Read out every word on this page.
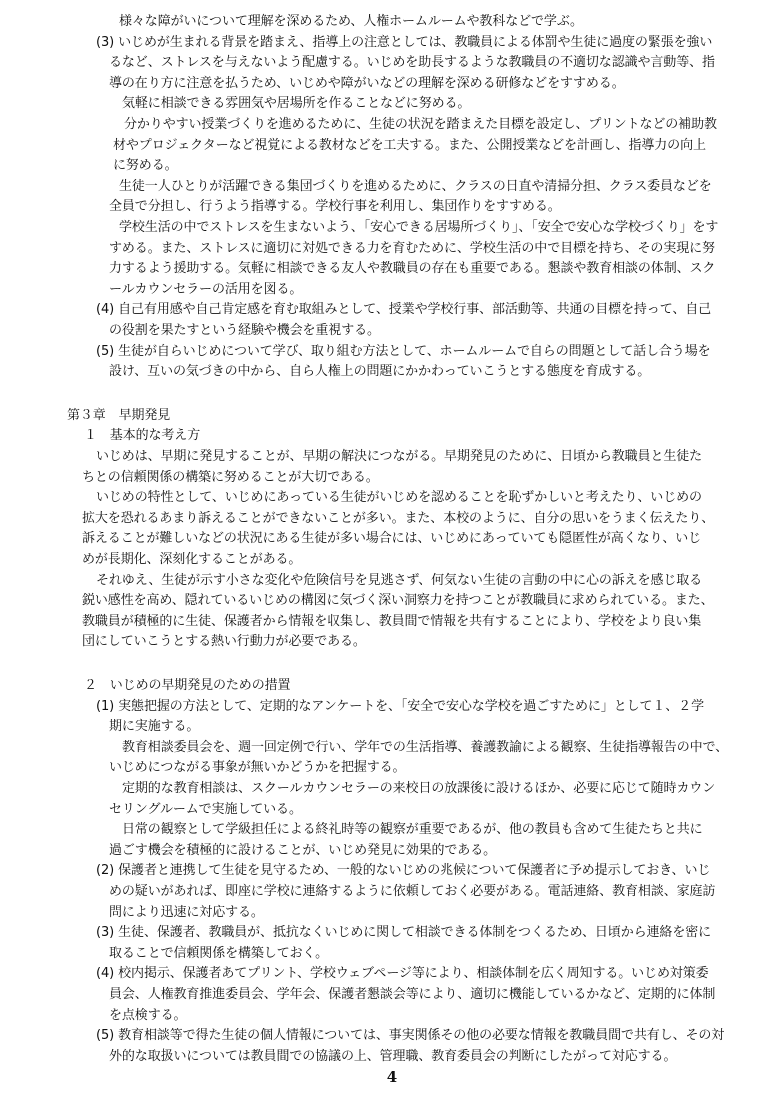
様々な障がいについて理解を深めるため、人権ホームルームや教科などで学ぶ。
(3) いじめが生まれる背景を踏まえ、指導上の注意としては、教職員による体罰や生徒に過度の緊張を強い
るなど、ストレスを与えないよう配慮する。いじめを助長するような教職員の不適切な認識や言動等、指
導の在り方に注意を払うため、いじめや障がいなどの理解を深める研修などをすすめる。
気軽に相談できる雰囲気や居場所を作ることなどに努める。
分かりやすい授業づくりを進めるために、生徒の状況を踏まえた目標を設定し、プリントなどの補助教
材やプロジェクターなど視覚による教材などを工夫する。また、公開授業などを計画し、指導力の向上
に努める。
生徒一人ひとりが活躍できる集団づくりを進めるために、クラスの日直や清掃分担、クラス委員などを
全員で分担し、行うよう指導する。学校行事を利用し、集団作りをすすめる。
学校生活の中でストレスを生まないよう、「安心できる居場所づくり」、「安全で安心な学校づくり」をす
すめる。また、ストレスに適切に対処できる力を育むために、学校生活の中で目標を持ち、その実現に努
力するよう援助する。気軽に相談できる友人や教職員の存在も重要である。懇談や教育相談の体制、スク
ールカウンセラーの活用を図る。
(4) 自己有用感や自己肯定感を育む取組みとして、授業や学校行事、部活動等、共通の目標を持って、自己
の役割を果たすという経験や機会を重視する。
(5) 生徒が自らいじめについて学び、取り組む方法として、ホームルームで自らの問題として話し合う場を
設け、互いの気づきの中から、自ら人権上の問題にかかわっていこうとする態度を育成する。
第３章　早期発見
１　基本的な考え方
いじめは、早期に発見することが、早期の解決につながる。早期発見のために、日頃から教職員と生徒た
ちとの信頼関係の構築に努めることが大切である。
いじめの特性として、いじめにあっている生徒がいじめを認めることを恥ずかしいと考えたり、いじめの
拡大を恐れるあまり訴えることができないことが多い。また、本校のように、自分の思いをうまく伝えたり、
訴えることが難しいなどの状況にある生徒が多い場合には、いじめにあっていても隠匿性が高くなり、いじ
めが長期化、深刻化することがある。
それゆえ、生徒が示す小さな変化や危険信号を見逃さず、何気ない生徒の言動の中に心の訴えを感じ取る
鋭い感性を高め、隠れているいじめの構図に気づく深い洞察力を持つことが教職員に求められている。また、
教職員が積極的に生徒、保護者から情報を収集し、教員間で情報を共有することにより、学校をより良い集
団にしていこうとする熱い行動力が必要である。
２　いじめの早期発見のための措置
(1) 実態把握の方法として、定期的なアンケートを、「安全で安心な学校を過ごすために」として１、２学
期に実施する。
教育相談委員会を、週一回定例で行い、学年での生活指導、養護教諭による観察、生徒指導報告の中で、
いじめにつながる事象が無いかどうかを把握する。
定期的な教育相談は、スクールカウンセラーの来校日の放課後に設けるほか、必要に応じて随時カウン
セリングルームで実施している。
日常の観察として学級担任による終礼時等の観察が重要であるが、他の教員も含めて生徒たちと共に
過ごす機会を積極的に設けることが、いじめ発見に効果的である。
(2) 保護者と連携して生徒を見守るため、一般的ないじめの兆候について保護者に予め提示しておき、いじ
めの疑いがあれば、即座に学校に連絡するように依頼しておく必要がある。電話連絡、教育相談、家庭訪
問により迅速に対応する。
(3) 生徒、保護者、教職員が、抵抗なくいじめに関して相談できる体制をつくるため、日頃から連絡を密に
取ることで信頼関係を構築しておく。
(4) 校内掲示、保護者あてプリント、学校ウェブページ等により、相談体制を広く周知する。いじめ対策委
員会、人権教育推進委員会、学年会、保護者懇談会等により、適切に機能しているかなど、定期的に体制
を点検する。
(5) 教育相談等で得た生徒の個人情報については、事実関係その他の必要な情報を教職員間で共有し、その対
外的な取扱いについては教員間での協議の上、管理職、教育委員会の判断にしたがって対応する。
4
